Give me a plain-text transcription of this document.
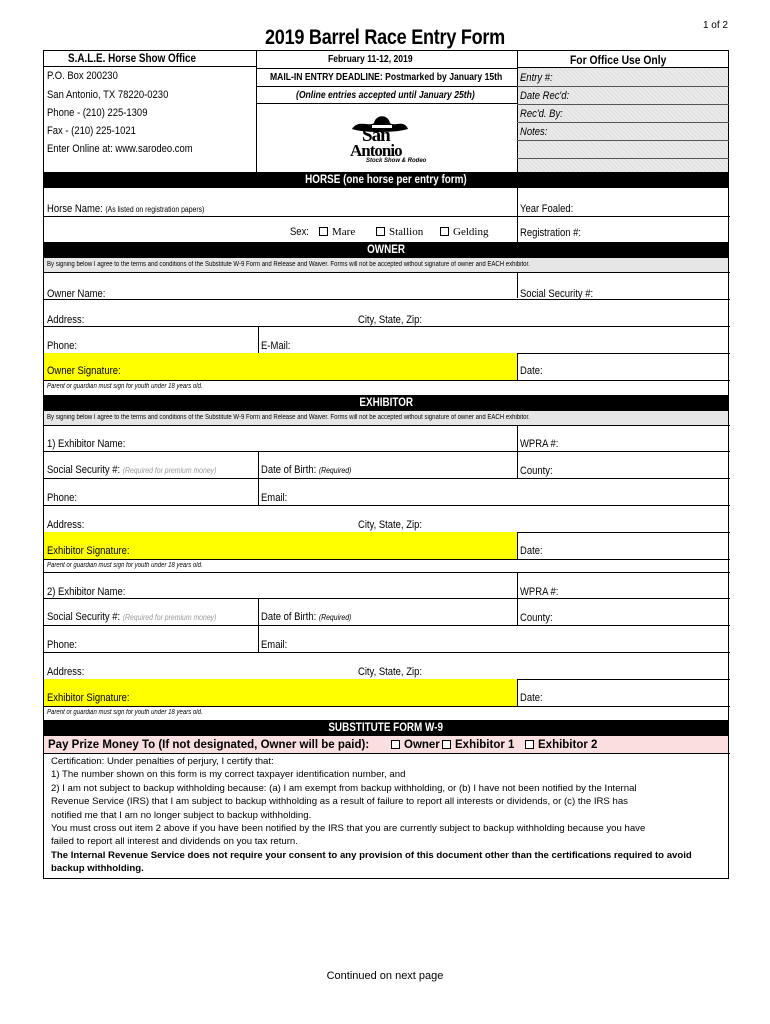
1 of 2
2019 Barrel Race Entry Form
S.A.L.E. Horse Show Office
P.O. Box 200230
San Antonio, TX 78220-0230
Phone - (210) 225-1309
Fax - (210) 225-1021
Enter Online at: www.sarodeo.com
February 11-12, 2019
MAIL-IN ENTRY DEADLINE: Postmarked by January 15th
(Online entries accepted until January 25th)
San
Antonio
Stock Show & Rodeo
For Office Use Only
Entry #:
Date Rec'd:
Rec'd. By:
Notes:
HORSE (one horse per entry form)
Horse Name: (As listed on registration papers)	Year Foaled:
Sex:	Mare	Stallion	Gelding	Registration #:
OWNER
By signing below I agree to the terms and conditions of the Substitute W-9 Form and Release and Waiver. Forms will not be accepted without signature of owner and EACH exhibitor.
Owner Name:	Social Security #:
Address:	City, State, Zip:
Phone:	E-Mail:
Owner Signature:	Date:
Parent or guardian must sign for youth under 18 years old.
EXHIBITOR
By signing below I agree to the terms and conditions of the Substitute W-9 Form and Release and Waiver. Forms will not be accepted without signature of owner and EACH exhibitor.
1) Exhibitor Name:	WPRA #:
Social Security #: (Required for premium money)	Date of Birth: (Required)	County:
Phone:	Email:
Address:	City, State, Zip:
Exhibitor Signature:	Date:
Parent or guardian must sign for youth under 18 years old.
2) Exhibitor Name:	WPRA #:
Social Security #: (Required for premium money)	Date of Birth: (Required)	County:
Phone:	Email:
Address:	City, State, Zip:
Exhibitor Signature:	Date:
Parent or guardian must sign for youth under 18 years old.
SUBSTITUTE FORM W-9
Pay Prize Money To (If not designated, Owner will be paid):	Owner	Exhibitor 1	Exhibitor 2

Certification: Under penalties of perjury, I certify that:

1) The number shown on this form is my correct taxpayer identification number, and

2) I am not subject to backup withholding because: (a) I am exempt from backup withholding, or (b) I have not been notified by the Internal

Revenue Service (IRS) that I am subject to backup withholding as a result of failure to report all interests or dividends, or (c) the IRS has

notified me that I am no longer subject to backup withholding.

You must cross out item 2 above if you have been notified by the IRS that you are currently subject to backup withholding because you have

failed to report all interest and dividends on you tax return.

The Internal Revenue Service does not require your consent to any provision of this document other than the certifications required to avoid

backup withholding.

Continued on next page
